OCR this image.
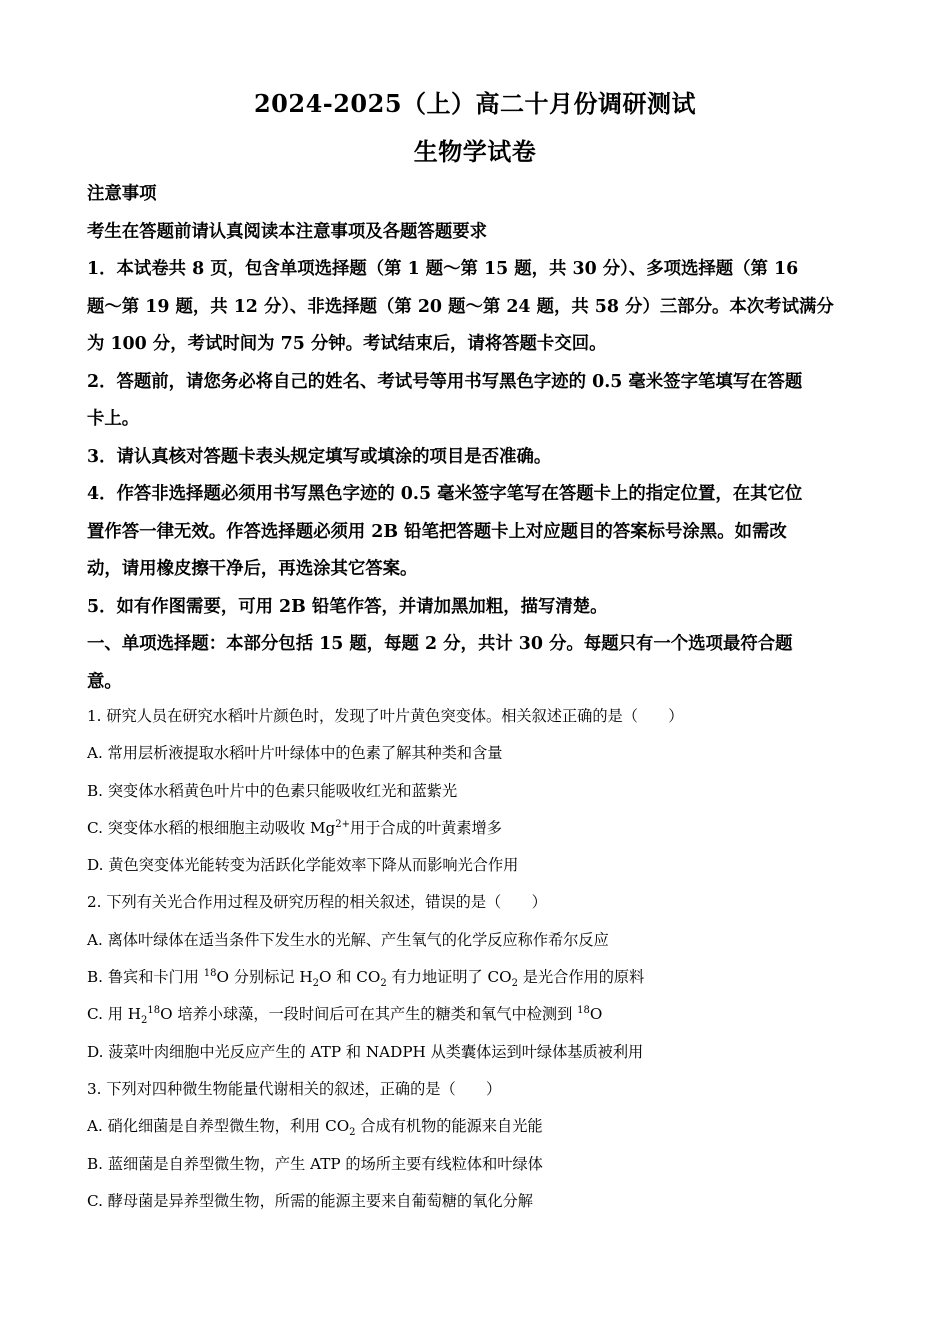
2024-2025（上）高二十月份调研测试
生物学试卷

注意事项

考生在答题前请认真阅读本注意事项及各题答题要求

1．本试卷共 8 页，包含单项选择题（第 1 题～第 15 题，共 30 分）、多项选择题（第 16

题～第 19 题，共 12 分）、非选择题（第 20 题～第 24 题，共 58 分）三部分。本次考试满分

为 100 分，考试时间为 75 分钟。考试结束后，请将答题卡交回。

2．答题前，请您务必将自己的姓名、考试号等用书写黑色字迹的 0.5 毫米签字笔填写在答题

卡上。

3．请认真核对答题卡表头规定填写或填涂的项目是否准确。

4．作答非选择题必须用书写黑色字迹的 0.5 毫米签字笔写在答题卡上的指定位置，在其它位

置作答一律无效。作答选择题必须用 2B 铅笔把答题卡上对应题目的答案标号涂黑。如需改

动，请用橡皮擦干净后，再选涂其它答案。

5．如有作图需要，可用 2B 铅笔作答，并请加黑加粗，描写清楚。

一、单项选择题：本部分包括 15 题，每题 2 分，共计 30 分。每题只有一个选项最符合题

意。

1. 研究人员在研究水稻叶片颜色时，发现了叶片黄色突变体。相关叙述正确的是（　　）

A. 常用层析液提取水稻叶片叶绿体中的色素了解其种类和含量

B. 突变体水稻黄色叶片中的色素只能吸收红光和蓝紫光

C. 突变体水稻的根细胞主动吸收 $Mg^{2+}$用于合成的叶黄素增多

D. 黄色突变体光能转变为活跃化学能效率下降从而影响光合作用

2. 下列有关光合作用过程及研究历程的相关叙述，错误的是（　　）

A. 离体叶绿体在适当条件下发生水的光解、产生氧气的化学反应称作希尔反应

B. 鲁宾和卡门用 $^{18}$O 分别标记 $H_2O$ 和 $CO_2$ 有力地证明了 $CO_2$ 是光合作用的原料

C. 用 $H_2^{18}O$ 培养小球藻，一段时间后可在其产生的糖类和氧气中检测到 $^{18}$O

D. 菠菜叶肉细胞中光反应产生的 ATP 和 NADPH 从类囊体运到叶绿体基质被利用

3. 下列对四种微生物能量代谢相关的叙述，正确的是（　　）

A. 硝化细菌是自养型微生物，利用 $CO_2$ 合成有机物的能源来自光能

B. 蓝细菌是自养型微生物，产生 ATP 的场所主要有线粒体和叶绿体

C. 酵母菌是异养型微生物，所需的能源主要来自葡萄糖的氧化分解
